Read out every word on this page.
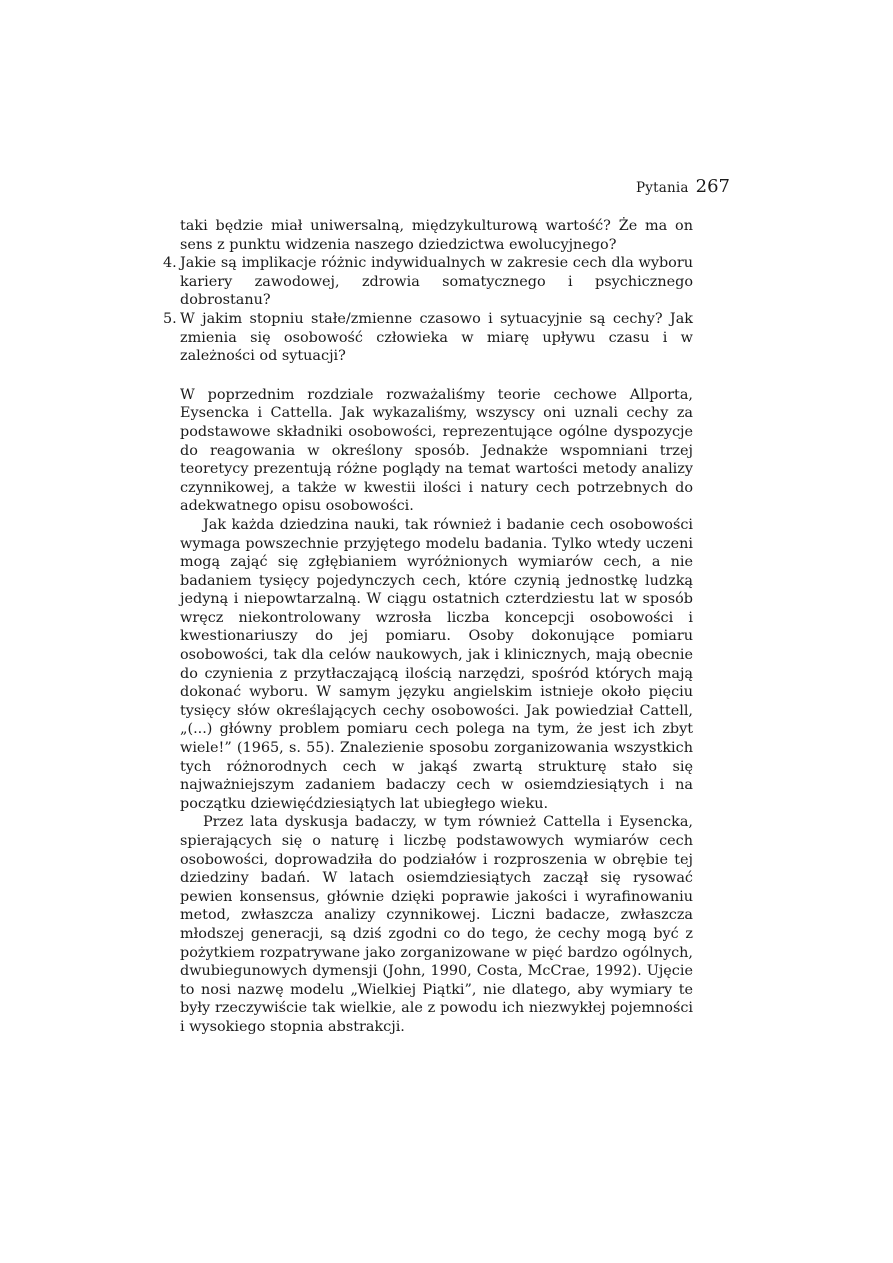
Pytania 267

taki będzie miał uniwersalną, międzykulturową wartość? Że ma on sens z punktu widzenia naszego dziedzictwa ewolucyjnego?

4. Jakie są implikacje różnic indywidualnych w zakresie cech dla wyboru kariery zawodowej, zdrowia somatycznego i psychicznego dobrostanu?

5. W jakim stopniu stałe/zmienne czasowo i sytuacyjnie są cechy? Jak zmienia się osobowość człowieka w miarę upływu czasu i w zależności od sytuacji?

W poprzednim rozdziale rozważaliśmy teorie cechowe Allporta, Eysencka i Cattella. Jak wykazaliśmy, wszyscy oni uznali cechy za podstawowe składniki osobowości, reprezentujące ogólne dyspozycje do reagowania w określony sposób. Jednakże wspomniani trzej teoretycy prezentują różne poglądy na temat wartości metody analizy czynnikowej, a także w kwestii ilości i natury cech potrzebnych do adekwatnego opisu osobowości.

Jak każda dziedzina nauki, tak również i badanie cech osobowości wymaga powszechnie przyjętego modelu badania. Tylko wtedy uczeni mogą zająć się zgłębianiem wyróżnionych wymiarów cech, a nie badaniem tysięcy pojedynczych cech, które czynią jednostkę ludzką jedyną i niepowtarzalną. W ciągu ostatnich czterdziestu lat w sposób wręcz niekontrolowany wzrosła liczba koncepcji osobowości i kwestionariuszy do jej pomiaru. Osoby dokonujące pomiaru osobowości, tak dla celów naukowych, jak i klinicznych, mają obecnie do czynienia z przytłaczającą ilością narzędzi, spośród których mają dokonać wyboru. W samym języku angielskim istnieje około pięciu tysięcy słów określających cechy osobowości. Jak powiedział Cattell, „(...) główny problem pomiaru cech polega na tym, że jest ich zbyt wiele!” (1965, s. 55). Znalezienie sposobu zorganizowania wszystkich tych różnorodnych cech w jakąś zwartą strukturę stało się najważniejszym zadaniem badaczy cech w osiemdziesiątych i na początku dziewięćdziesiątych lat ubiegłego wieku.

Przez lata dyskusja badaczy, w tym również Cattella i Eysencka, spierających się o naturę i liczbę podstawowych wymiarów cech osobowości, doprowadziła do podziałów i rozproszenia w obrębie tej dziedziny badań. W latach osiemdziesiątych zaczął się rysować pewien konsensus, głównie dzięki poprawie jakości i wyrafinowaniu metod, zwłaszcza analizy czynnikowej. Liczni badacze, zwłaszcza młodszej generacji, są dziś zgodni co do tego, że cechy mogą być z pożytkiem rozpatrywane jako zorganizowane w pięć bardzo ogólnych, dwubiegunowych dymensji (John, 1990, Costa, McCrae, 1992). Ujęcie to nosi nazwę modelu „Wielkiej Piątki”, nie dlatego, aby wymiary te były rzeczywiście tak wielkie, ale z powodu ich niezwykłej pojemności i wysokiego stopnia abstrakcji.
